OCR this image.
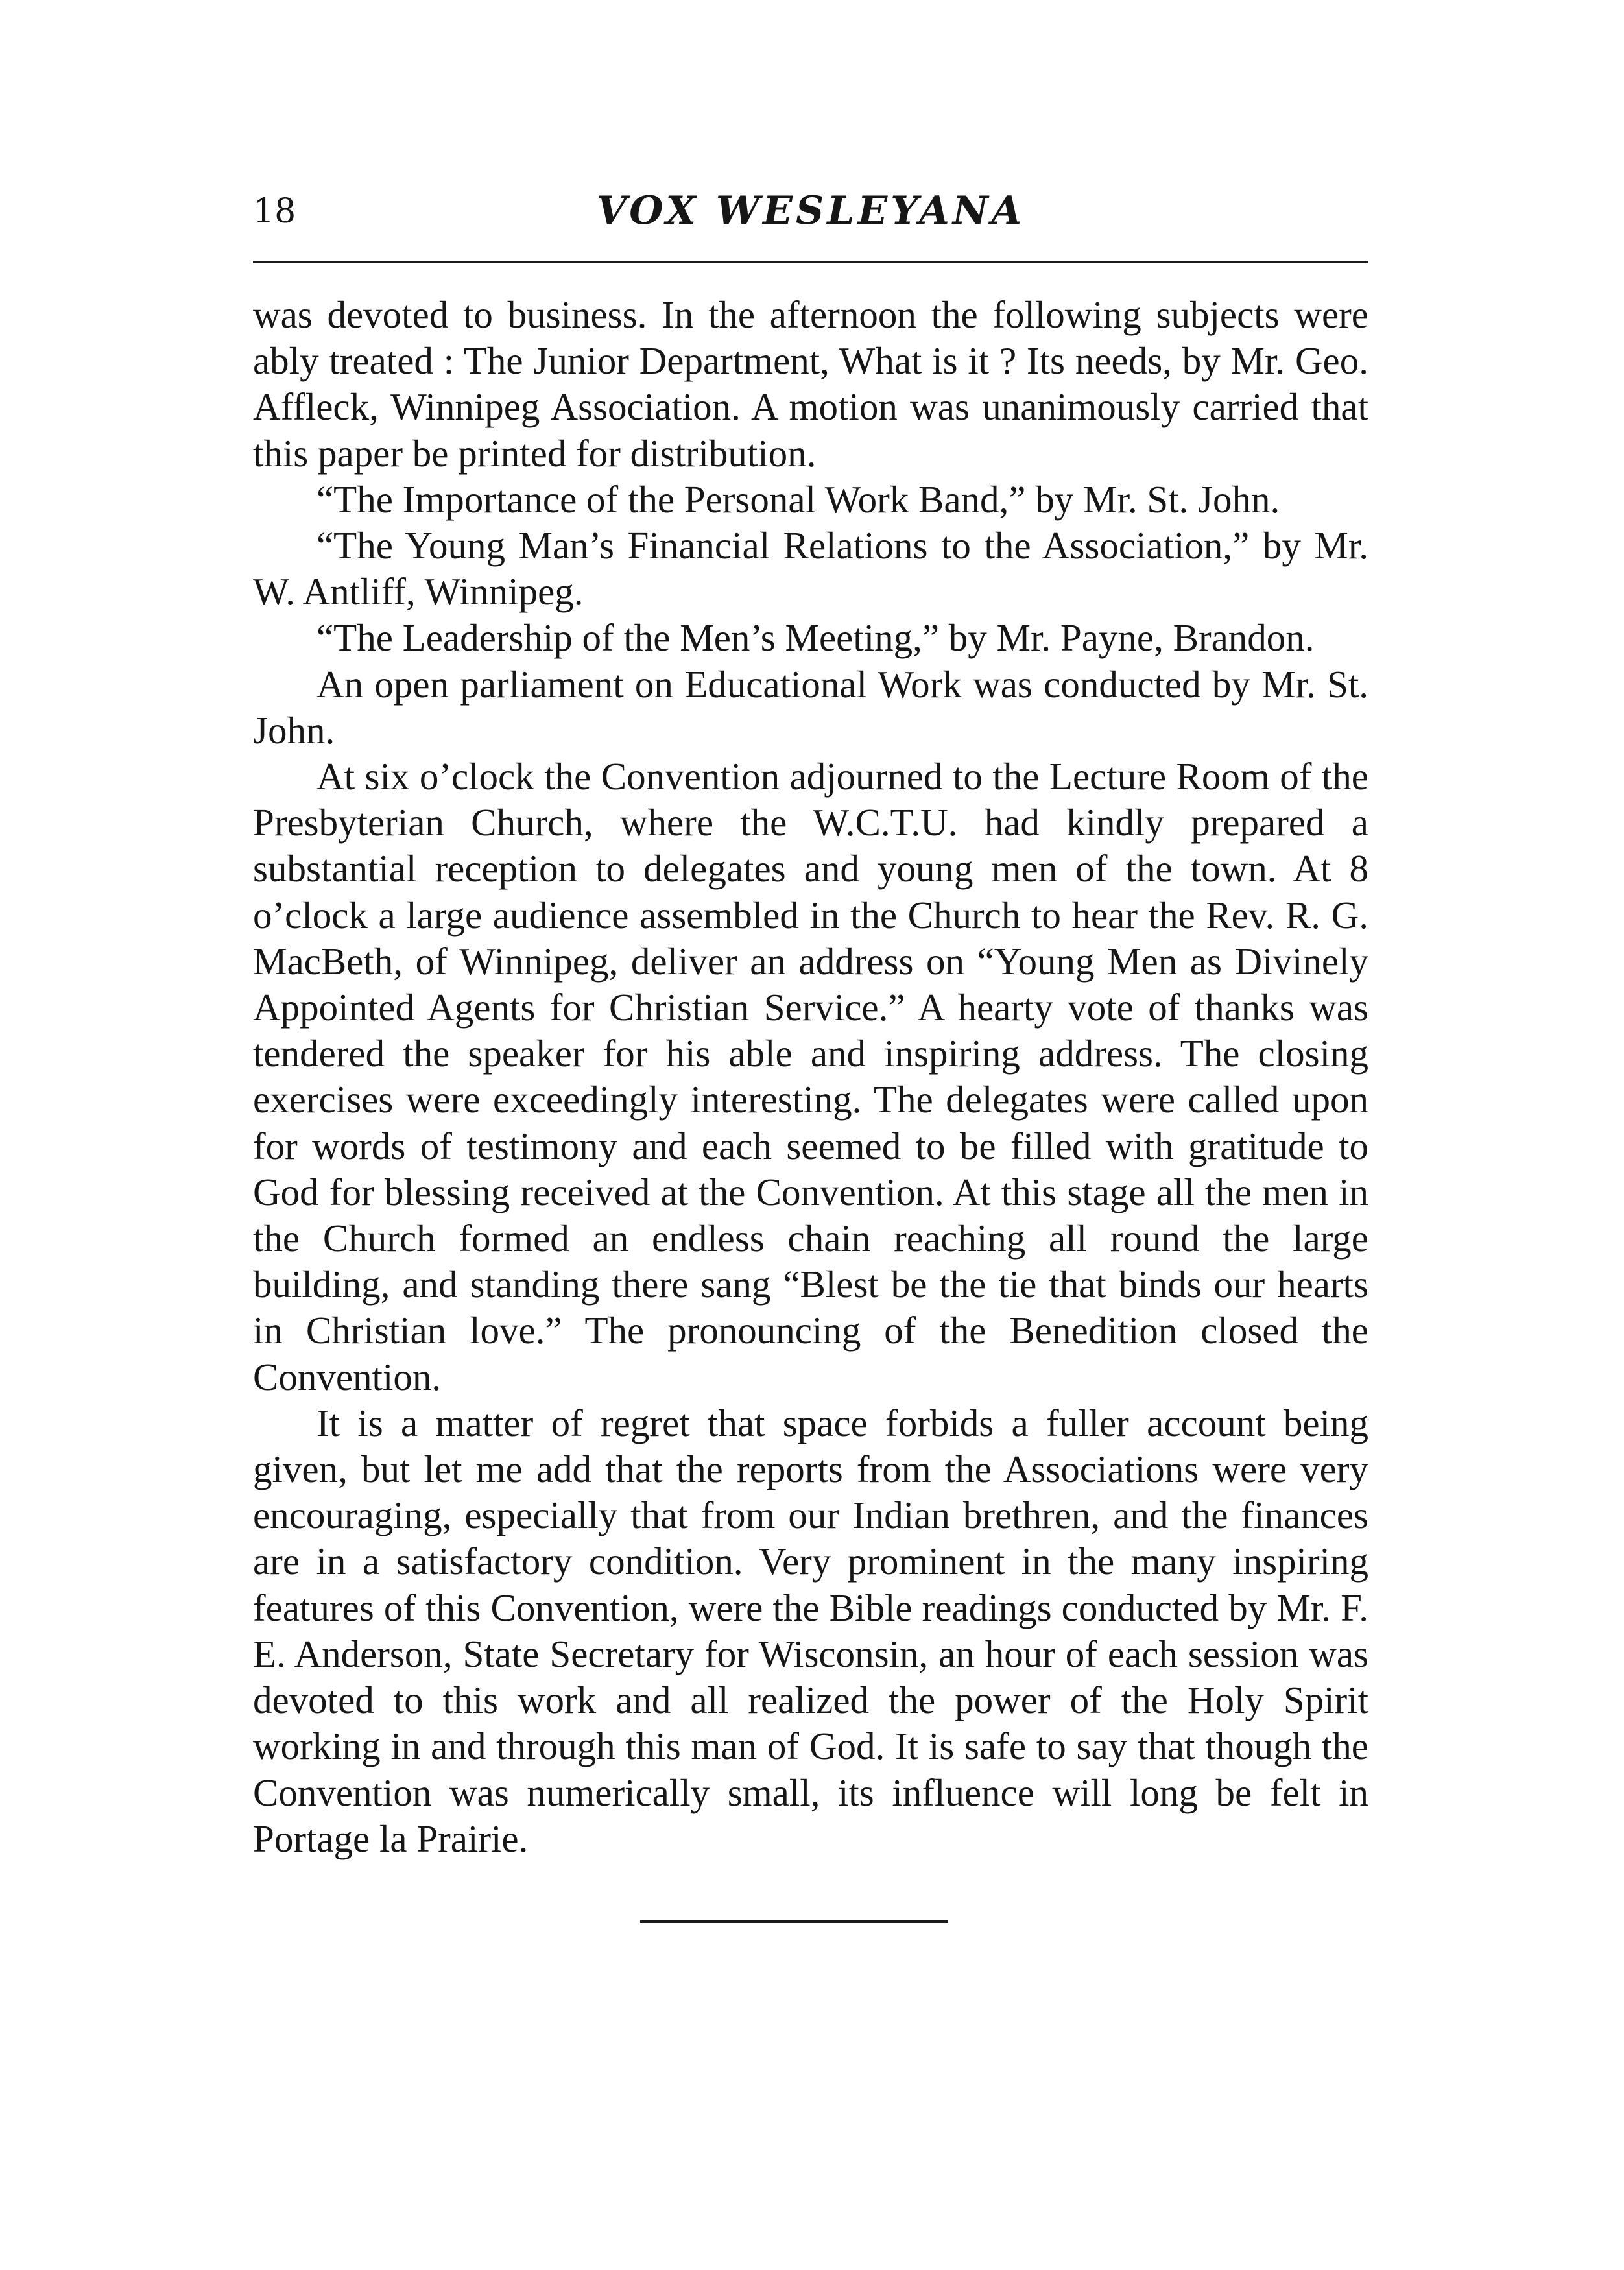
18	VOX WESLEYANA

was devoted to business. In the afternoon the following subjects were ably treated : The Junior Department, What is it ? Its needs, by Mr. Geo. Affleck, Winnipeg Association. A motion was unanimously carried that this paper be printed for distribution.

“The Importance of the Personal Work Band,” by Mr. St. John.

“The Young Man’s Financial Relations to the Association,” by Mr. W. Antliff, Winnipeg.

“The Leadership of the Men’s Meeting,” by Mr. Payne, Brandon.

An open parliament on Educational Work was conducted by Mr. St. John.

At six o’clock the Convention adjourned to the Lecture Room of the Presbyterian Church, where the W.C.T.U. had kindly prepared a substantial reception to delegates and young men of the town. At 8 o’clock a large audience assembled in the Church to hear the Rev. R. G. MacBeth, of Winnipeg, deliver an address on “Young Men as Divinely Appointed Agents for Christian Service.” A hearty vote of thanks was tendered the speaker for his able and inspiring address. The closing exercises were exceedingly interesting. The delegates were called upon for words of testimony and each seemed to be filled with gratitude to God for blessing received at the Convention. At this stage all the men in the Church formed an endless chain reaching all round the large building, and standing there sang “Blest be the tie that binds our hearts in Christian love.” The pronouncing of the Benedition closed the Convention.

It is a matter of regret that space forbids a fuller account being given, but let me add that the reports from the Associations were very encouraging, especially that from our Indian brethren, and the finances are in a satisfactory condition. Very prominent in the many inspiring features of this Convention, were the Bible readings conducted by Mr. F. E. Anderson, State Secretary for Wisconsin, an hour of each session was devoted to this work and all realized the power of the Holy Spirit working in and through this man of God. It is safe to say that though the Convention was numerically small, its influence will long be felt in Portage la Prairie.
